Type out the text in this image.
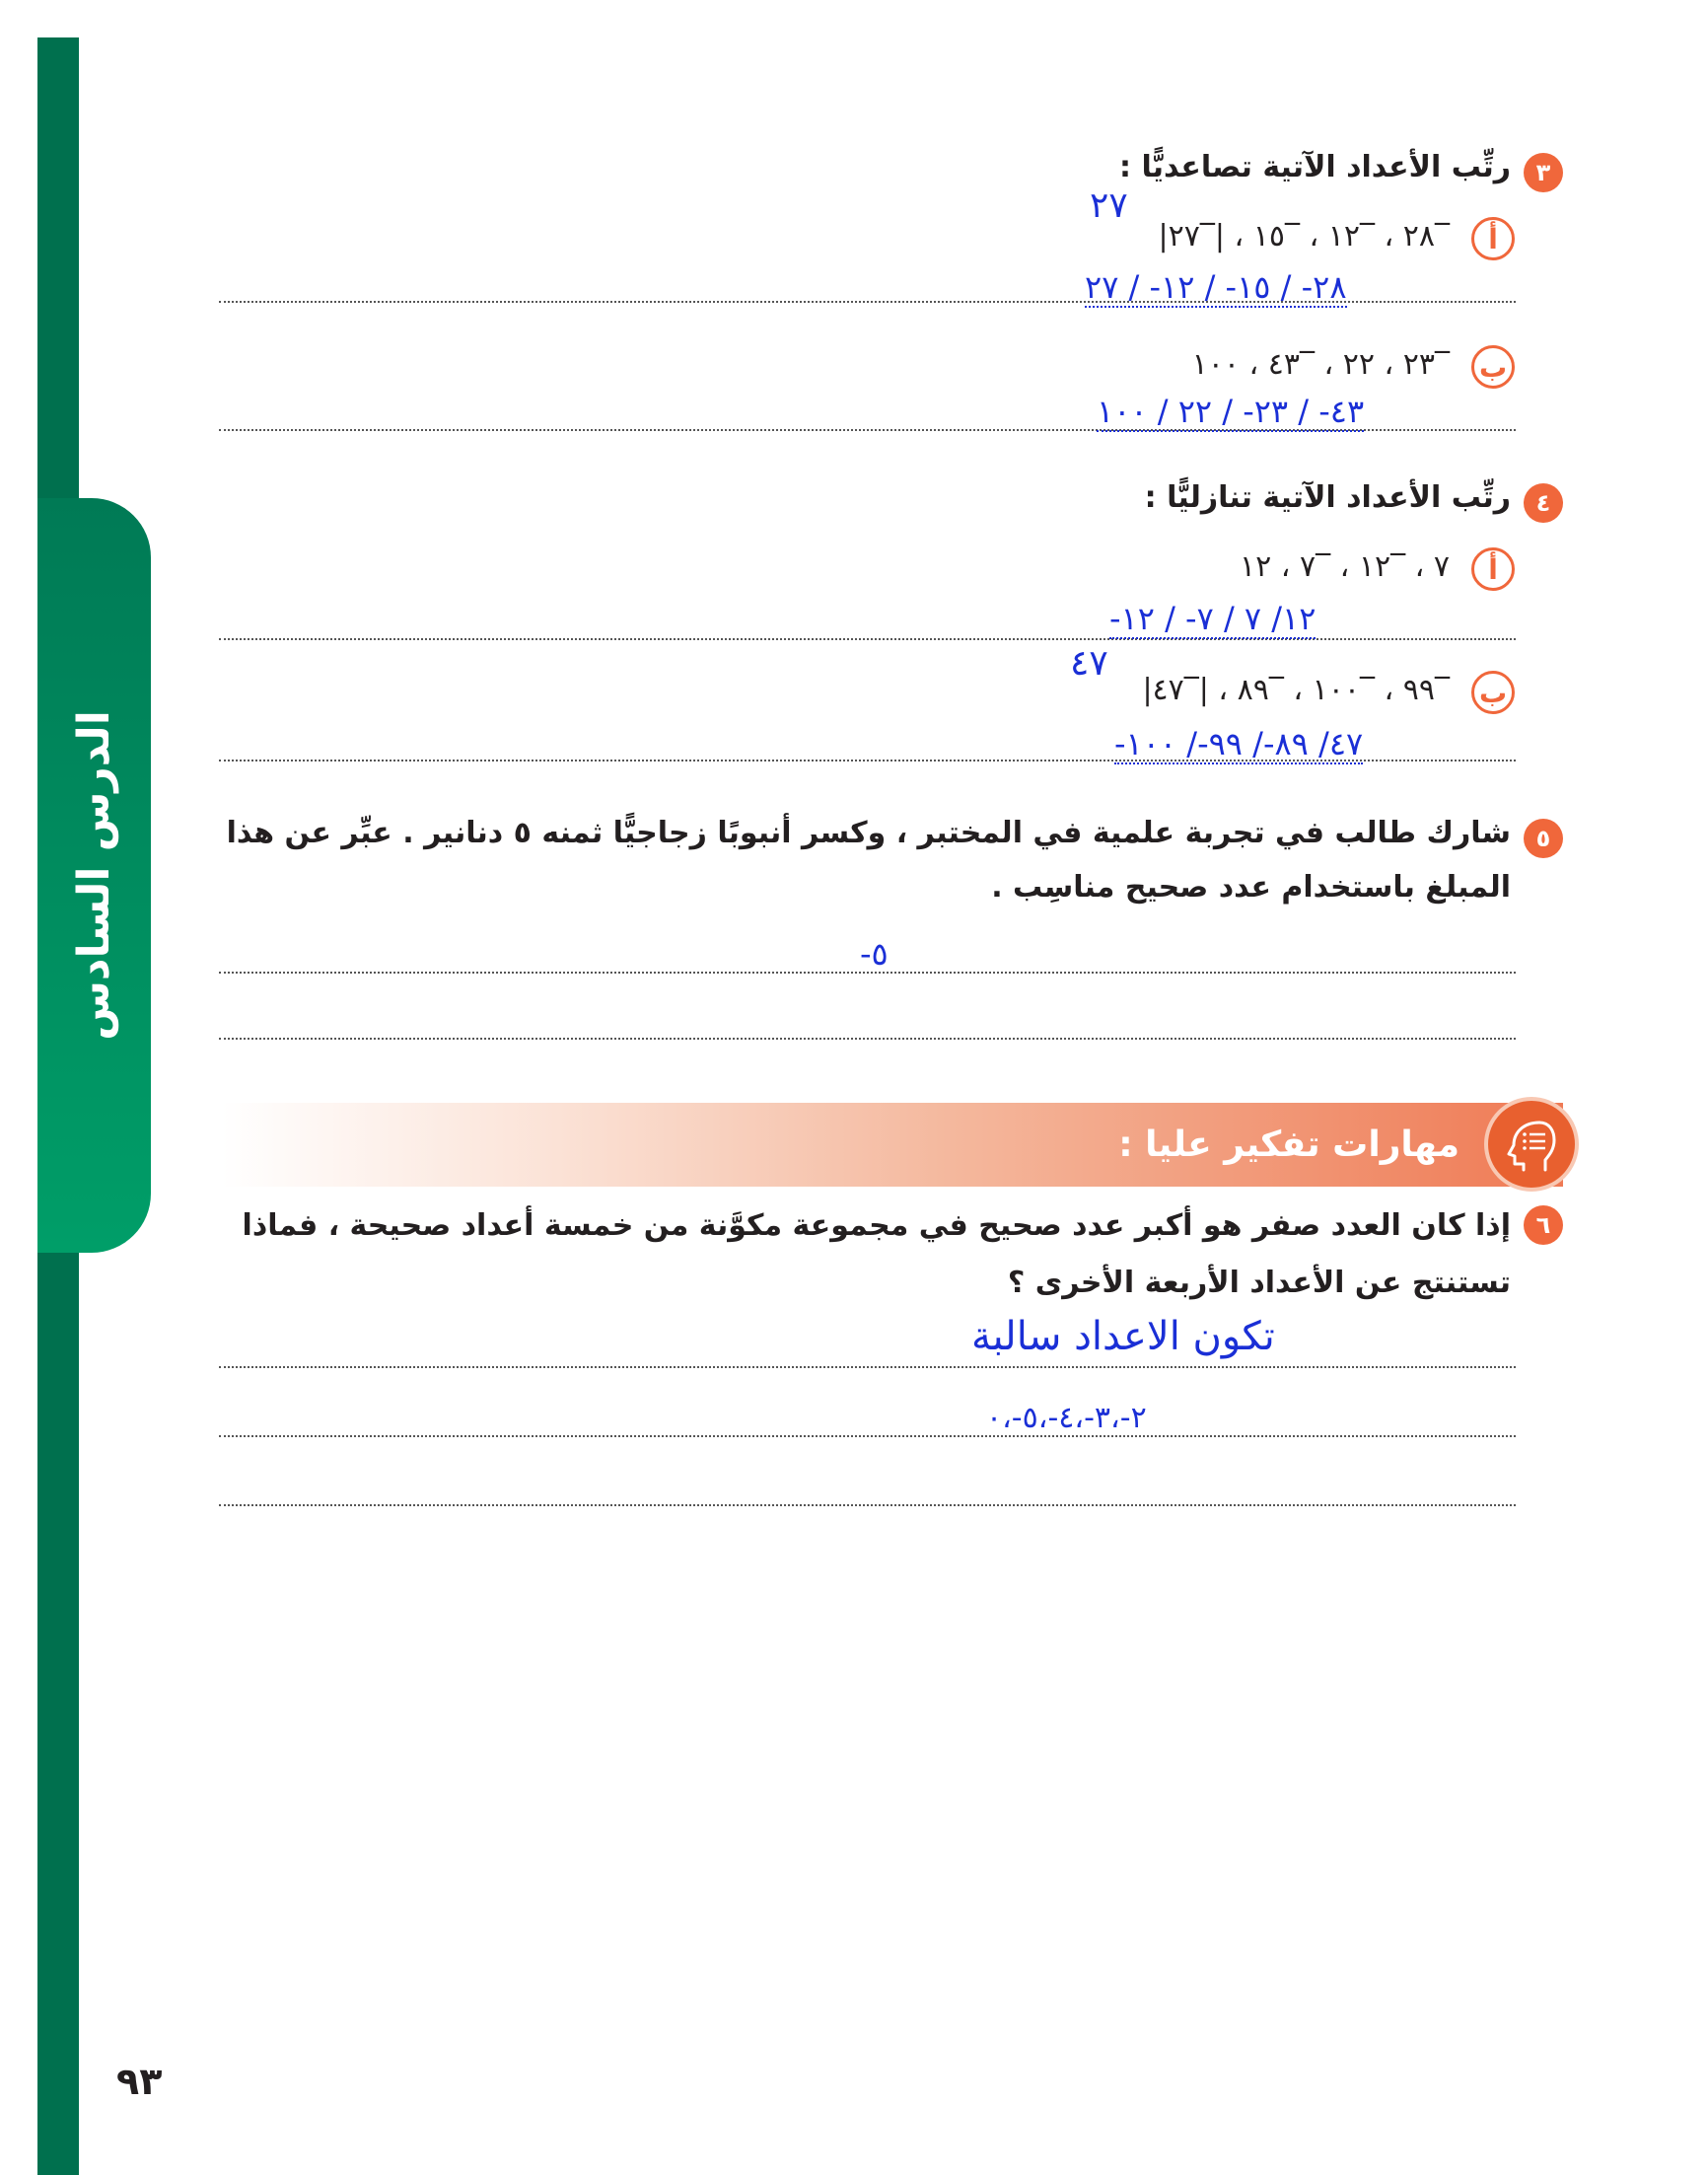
الدرس السادس
٩٣
٣
رتِّب الأعداد الآتية تصاعديًّا :
٢٧
أ
‾٢٨ ، ‾١٢ ، ‾١٥ ، |‾٢٧|
٢٨- / ١٥- / ١٢- / ٢٧
ب
‾٢٣ ، ٢٢ ، ‾٤٣ ، ١٠٠
٤٣- / ٢٣- / ٢٢ / ١٠٠
٤
رتِّب الأعداد الآتية تنازليًّا :
أ
٧ ، ‾١٢ ، ‾٧ ، ١٢
١٢/ ٧ / ٧- / ١٢-
٤٧
ب
‾٩٩ ، ‾١٠٠ ، ‾٨٩ ، |‾٤٧|
٤٧/ ٨٩-/ ٩٩-/ ١٠٠-
٥
شارك طالب في تجربة علمية في المختبر ، وكسر أنبوبًا زجاجيًّا ثمنه ٥ دنانير . عبِّر عن هذا
المبلغ باستخدام عدد صحيح مناسِب .
٥-
مهارات تفكير عليا :
٦
إذا كان العدد صفر هو أكبر عدد صحيح في مجموعة مكوَّنة من خمسة أعداد صحيحة ، فماذا
تستنتج عن الأعداد الأربعة الأخرى ؟
تكون الاعداد سالبة
٢-،٣-،٤-،٥-،٠
